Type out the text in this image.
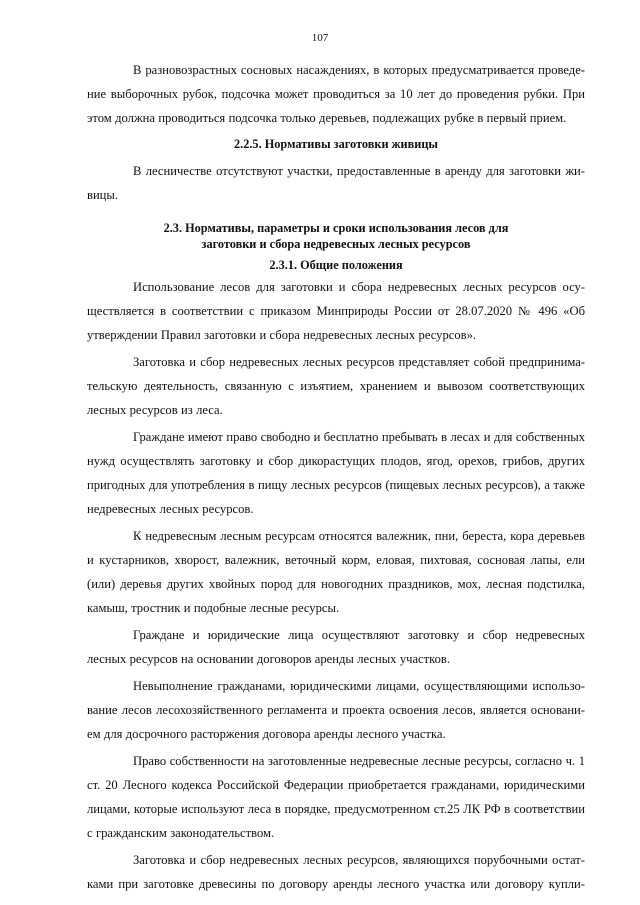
107

В разновозрастных сосновых насаждениях, в которых предусматривается проведение выборочных рубок, подсочка может проводиться за 10 лет до проведения рубки. При этом должна проводиться подсочка только деревьев, подлежащих рубке в первый прием.

2.2.5. Нормативы заготовки живицы

В лесничестве отсутствуют участки, предоставленные в аренду для заготовки живицы.

2.3. Нормативы, параметры и сроки использования лесов для
заготовки и сбора недревесных лесных ресурсов
2.3.1. Общие положения

Использование лесов для заготовки и сбора недревесных лесных ресурсов осуществляется в соответствии с приказом Минприроды России от 28.07.2020 № 496 «Об утверждении Правил заготовки и сбора недревесных лесных ресурсов».

Заготовка и сбор недревесных лесных ресурсов представляет собой предпринимательскую деятельность, связанную с изъятием, хранением и вывозом соответствующих лесных ресурсов из леса.

Граждане имеют право свободно и бесплатно пребывать в лесах и для собственных нужд осуществлять заготовку и сбор дикорастущих плодов, ягод, орехов, грибов, других пригодных для употребления в пищу лесных ресурсов (пищевых лесных ресурсов), а также недревесных лесных ресурсов.

К недревесным лесным ресурсам относятся валежник, пни, береста, кора деревьев и кустарников, хворост, валежник, веточный корм, еловая, пихтовая, сосновая лапы, ели (или) деревья других хвойных пород для новогодних праздников, мох, лесная подстилка, камыш, тростник и подобные лесные ресурсы.

Граждане и юридические лица осуществляют заготовку и сбор недревесных лесных ресурсов на основании договоров аренды лесных участков.

Невыполнение гражданами, юридическими лицами, осуществляющими использование лесов лесохозяйственного регламента и проекта освоения лесов, является основанием для досрочного расторжения договора аренды лесного участка.

Право собственности на заготовленные недревесные лесные ресурсы, согласно ч. 1 ст. 20 Лесного кодекса Российской Федерации приобретается гражданами, юридическими лицами, которые используют леса в порядке, предусмотренном ст.25 ЛК РФ в соответствии с гражданским законодательством.

Заготовка и сбор недревесных лесных ресурсов, являющихся порубочными остатками при заготовке древесины по договору аренды лесного участка или договору купли-
